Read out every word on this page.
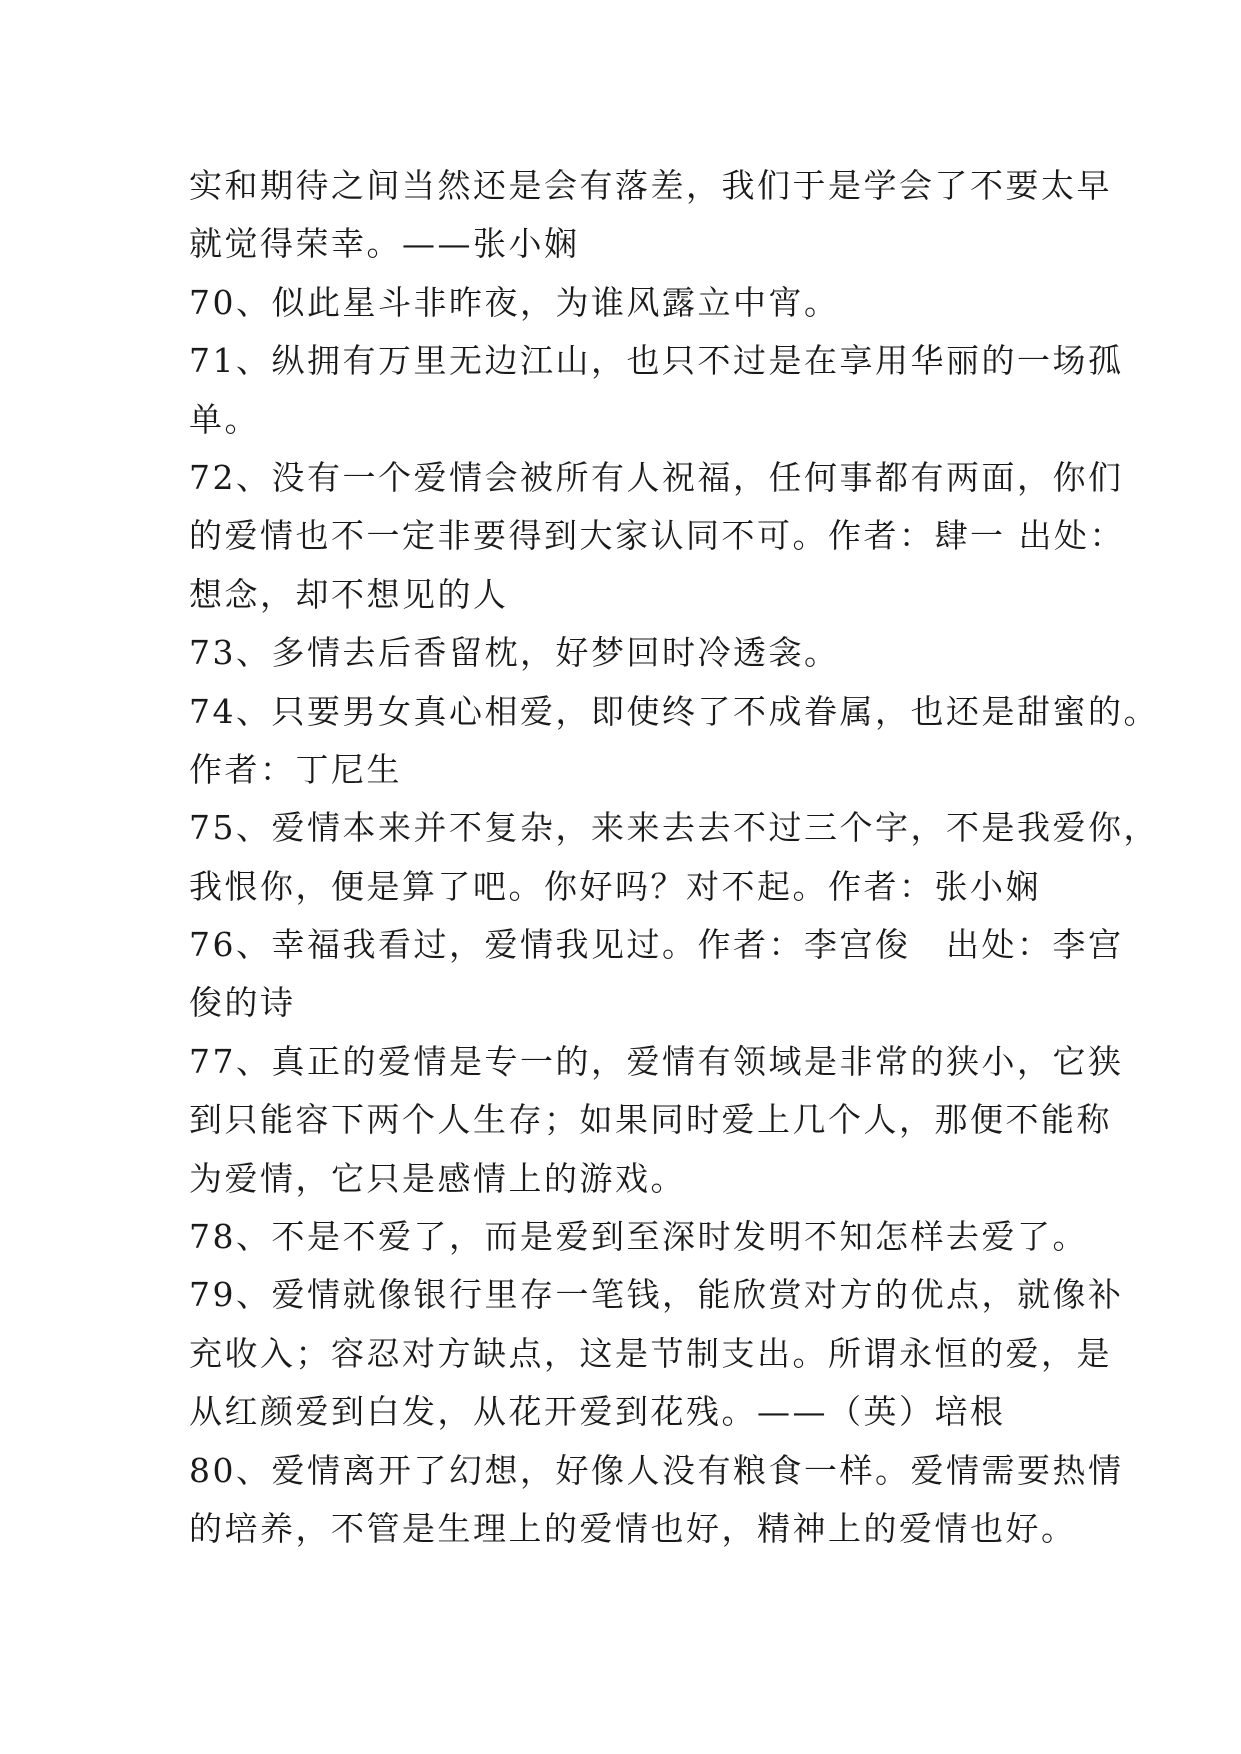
实和期待之间当然还是会有落差，我们于是学会了不要太早
就觉得荣幸。——张小娴
70、似此星斗非昨夜，为谁风露立中宵。
71、纵拥有万里无边江山，也只不过是在享用华丽的一场孤
单。
72、没有一个爱情会被所有人祝福，任何事都有两面，你们
的爱情也不一定非要得到大家认同不可。作者：肆一 出处：
想念，却不想见的人
73、多情去后香留枕，好梦回时冷透衾。
74、只要男女真心相爱，即使终了不成眷属，也还是甜蜜的。
作者：丁尼生
75、爱情本来并不复杂，来来去去不过三个字，不是我爱你，
我恨你，便是算了吧。你好吗？对不起。作者：张小娴
76、幸福我看过，爱情我见过。作者：李宫俊　出处：李宫
俊的诗
77、真正的爱情是专一的，爱情有领域是非常的狭小，它狭
到只能容下两个人生存；如果同时爱上几个人，那便不能称
为爱情，它只是感情上的游戏。
78、不是不爱了，而是爱到至深时发明不知怎样去爱了。
79、爱情就像银行里存一笔钱，能欣赏对方的优点，就像补
充收入；容忍对方缺点，这是节制支出。所谓永恒的爱，是
从红颜爱到白发，从花开爱到花残。——（英）培根
80、爱情离开了幻想，好像人没有粮食一样。爱情需要热情
的培养，不管是生理上的爱情也好，精神上的爱情也好。
